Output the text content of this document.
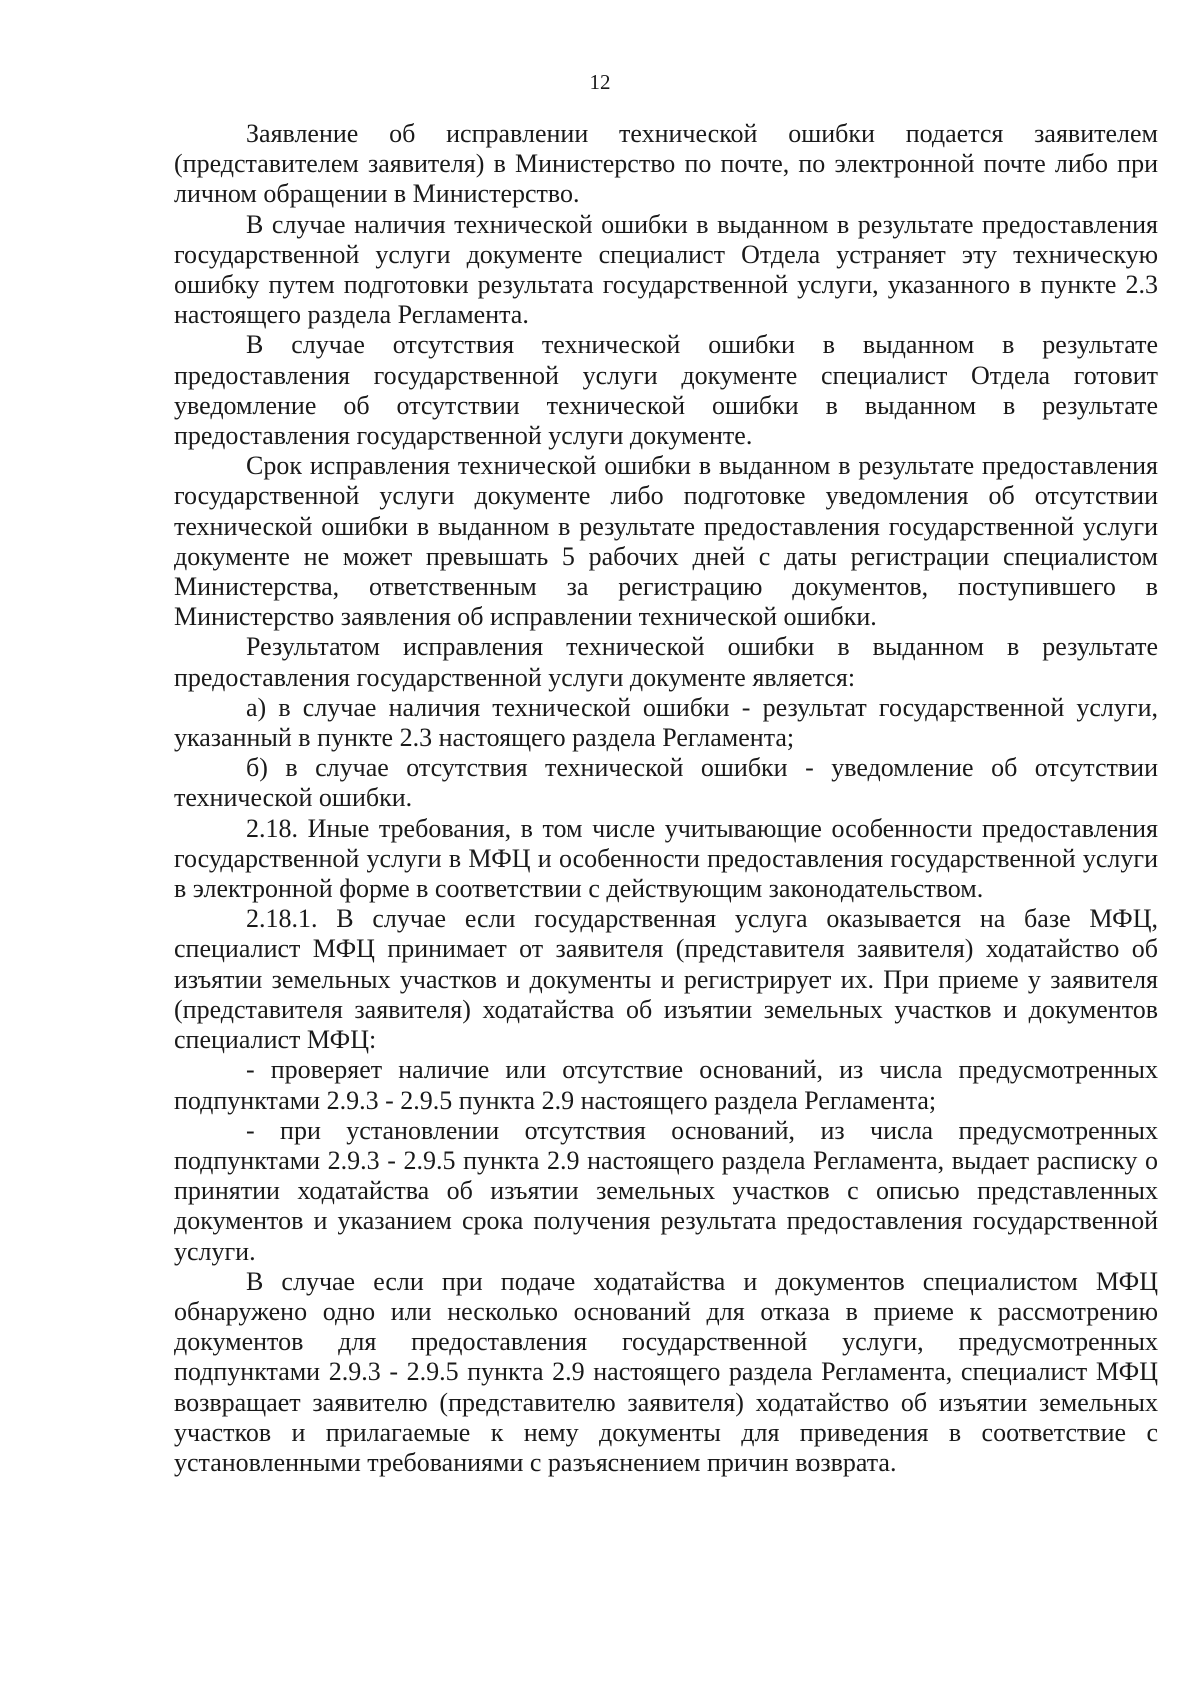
12

Заявление об исправлении технической ошибки подается заявителем (представителем заявителя) в Министерство по почте, по электронной почте либо при личном обращении в Министерство.

В случае наличия технической ошибки в выданном в результате предоставления государственной услуги документе специалист Отдела устраняет эту техническую ошибку путем подготовки результата государственной услуги, указанного в пункте 2.3 настоящего раздела Регламента.

В случае отсутствия технической ошибки в выданном в результате предоставления государственной услуги документе специалист Отдела готовит уведомление об отсутствии технической ошибки в выданном в результате предоставления государственной услуги документе.

Срок исправления технической ошибки в выданном в результате предоставления государственной услуги документе либо подготовке уведомления об отсутствии технической ошибки в выданном в результате предоставления государственной услуги документе не может превышать 5 рабочих дней с даты регистрации специалистом Министерства, ответственным за регистрацию документов, поступившего в Министерство заявления об исправлении технической ошибки.

Результатом исправления технической ошибки в выданном в результате предоставления государственной услуги документе является:

а) в случае наличия технической ошибки - результат государственной услуги, указанный в пункте 2.3 настоящего раздела Регламента;

б) в случае отсутствия технической ошибки - уведомление об отсутствии технической ошибки.

2.18. Иные требования, в том числе учитывающие особенности предоставления государственной услуги в МФЦ и особенности предоставления государственной услуги в электронной форме в соответствии с действующим законодательством.

2.18.1. В случае если государственная услуга оказывается на базе МФЦ, специалист МФЦ принимает от заявителя (представителя заявителя) ходатайство об изъятии земельных участков и документы и регистрирует их. При приеме у заявителя (представителя заявителя) ходатайства об изъятии земельных участков и документов специалист МФЦ:

- проверяет наличие или отсутствие оснований, из числа предусмотренных подпунктами 2.9.3 - 2.9.5 пункта 2.9 настоящего раздела Регламента;

- при установлении отсутствия оснований, из числа предусмотренных подпунктами 2.9.3 - 2.9.5 пункта 2.9 настоящего раздела Регламента, выдает расписку о принятии ходатайства об изъятии земельных участков с описью представленных документов и указанием срока получения результата предоставления государственной услуги.

В случае если при подаче ходатайства и документов специалистом МФЦ обнаружено одно или несколько оснований для отказа в приеме к рассмотрению документов для предоставления государственной услуги, предусмотренных подпунктами 2.9.3 - 2.9.5 пункта 2.9 настоящего раздела Регламента, специалист МФЦ возвращает заявителю (представителю заявителя) ходатайство об изъятии земельных участков и прилагаемые к нему документы для приведения в соответствие с установленными требованиями с разъяснением причин возврата.
